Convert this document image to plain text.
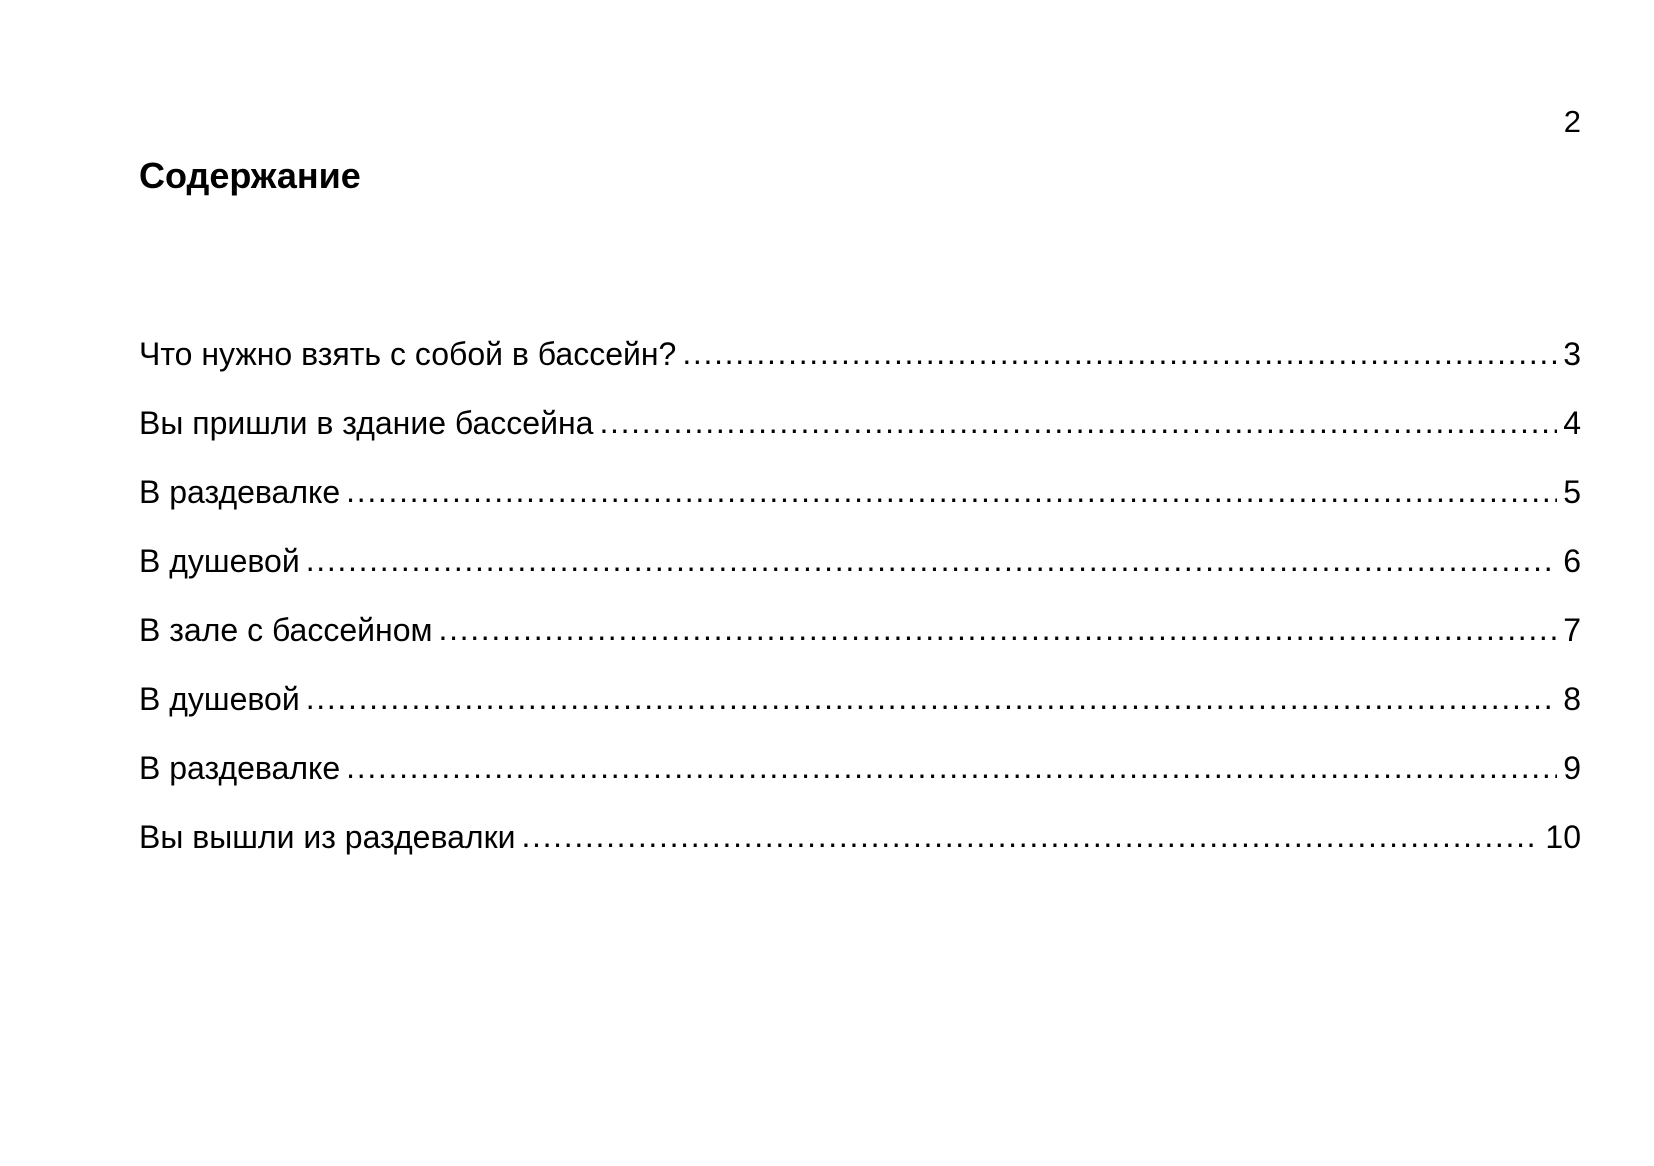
2
Содержание
Что нужно взять с собой в бассейн? . . .	3
Вы пришли в здание бассейна . . .	4
В раздевалке . . .	5
В душевой . . .	6
В зале с бассейном . . .	7
В душевой . . .	8
В раздевалке . . .	9
Вы вышли из раздевалки . . .	10
